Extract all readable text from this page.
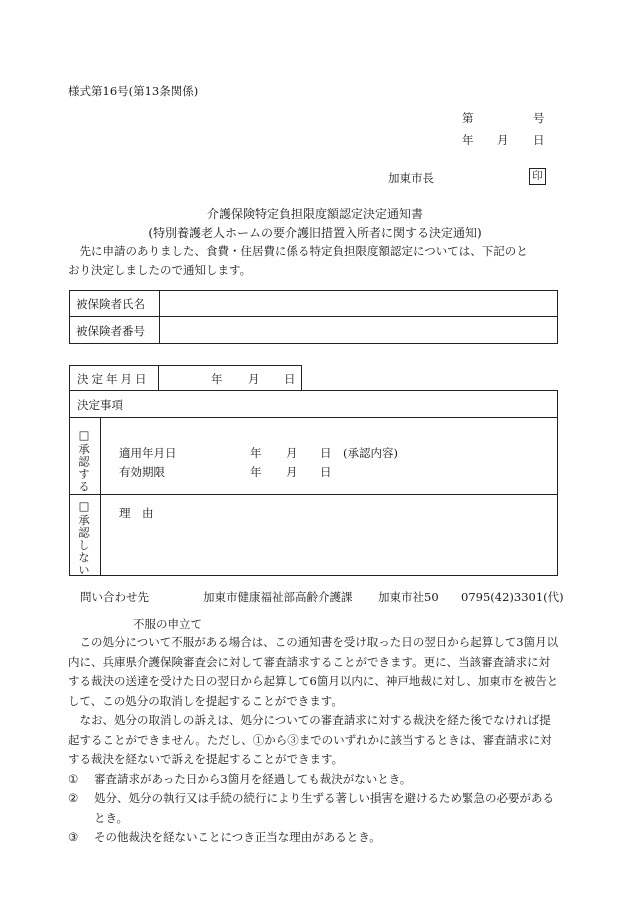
様式第16号(第13条関係)
第	号
年 月 日
加東市長	印
介護保険特定負担限度額認定決定通知書
(特別養護老人ホームの要介護旧措置入所者に関する決定通知)

先に申請のありました、食費・住居費に係る特定負担限度額認定については、下記のと

おり決定しましたので通知します。

被保険者氏名
被保険者番号
決定年月日	年 月 日
決定事項
□承認する 適用年月日	年 月 日 (承認内容)
有効期限	年 月 日
□承認しない 理　由
問い合わせ先	加東市健康福祉部高齢介護課 加東市社50 0795(42)3301(代)
不服の申立て

この処分について不服がある場合は、この通知書を受け取った日の翌日から起算して3箇月以内に、兵庫県介護保険審査会に対して審査請求することができます。更に、当該審査請求に対する裁決の送達を受けた日の翌日から起算して6箇月以内に、神戸地裁に対し、加東市を被告として、この処分の取消しを提起することができます。

なお、処分の取消しの訴えは、処分についての審査請求に対する裁決を経た後でなければ提起することができません。ただし、①から③までのいずれかに該当するときは、審査請求に対する裁決を経ないで訴えを提起することができます。

①	審査請求があった日から3箇月を経過しても裁決がないとき。
②	処分、処分の執行又は手続の続行により生ずる著しい損害を避けるため緊急の必要があるとき。
③	その他裁決を経ないことにつき正当な理由があるとき。
